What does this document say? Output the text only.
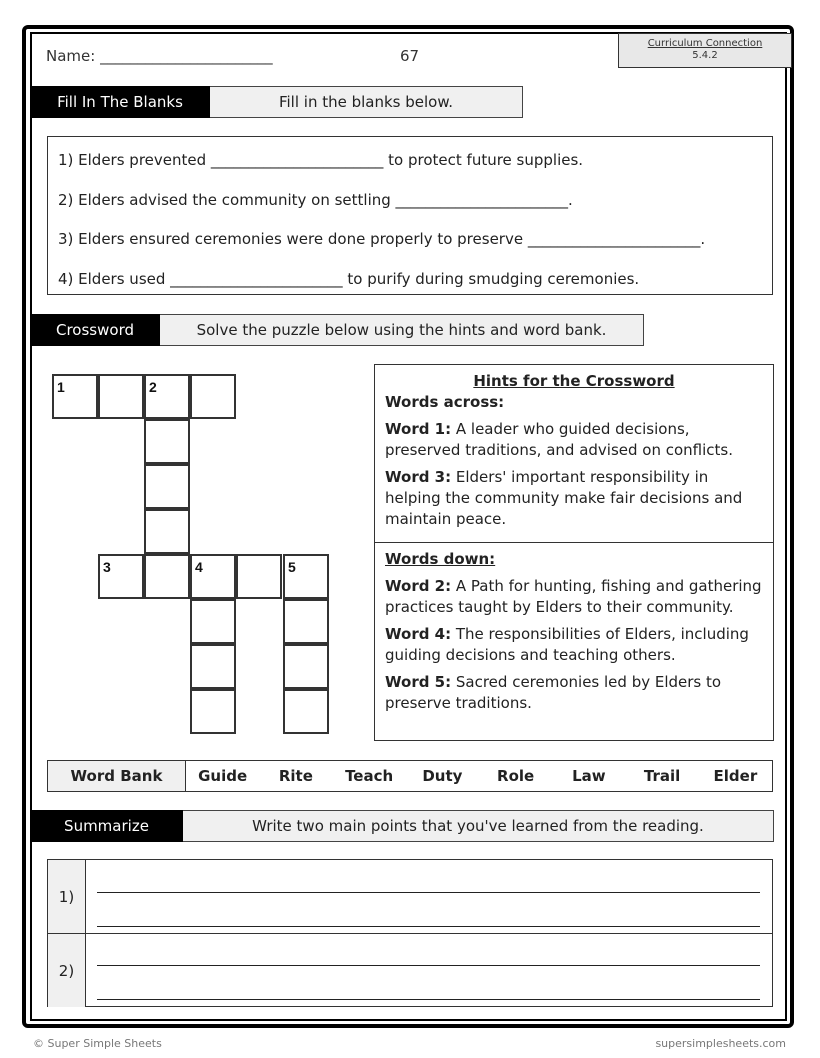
Name: _______________________	67
Curriculum Connection
5.4.2
Fill In The Blanks	Fill in the blanks below.
1) Elders prevented _______________________ to protect future supplies.
2) Elders advised the community on settling _______________________.
3) Elders ensured ceremonies were done properly to preserve _______________________.
4) Elders used _______________________ to purify during smudging ceremonies.
Crossword	Solve the puzzle below using the hints and word bank.
1	2
3	4	5
Hints for the Crossword
Words across:

Word 1: A leader who guided decisions, preserved traditions, and advised on conflicts.

Word 3: Elders' important responsibility in helping the community make fair decisions and maintain peace.

Words down:

Word 2: A Path for hunting, fishing and gathering practices taught by Elders to their community.

Word 4: The responsibilities of Elders, including guiding decisions and teaching others.

Word 5: Sacred ceremonies led by Elders to preserve traditions.

Word Bank	Guide	Rite	Teach	Duty	Role	Law	Trail	Elder
Summarize	Write two main points that you've learned from the reading.
1)
2)
© Super Simple Sheets	supersimplesheets.com
